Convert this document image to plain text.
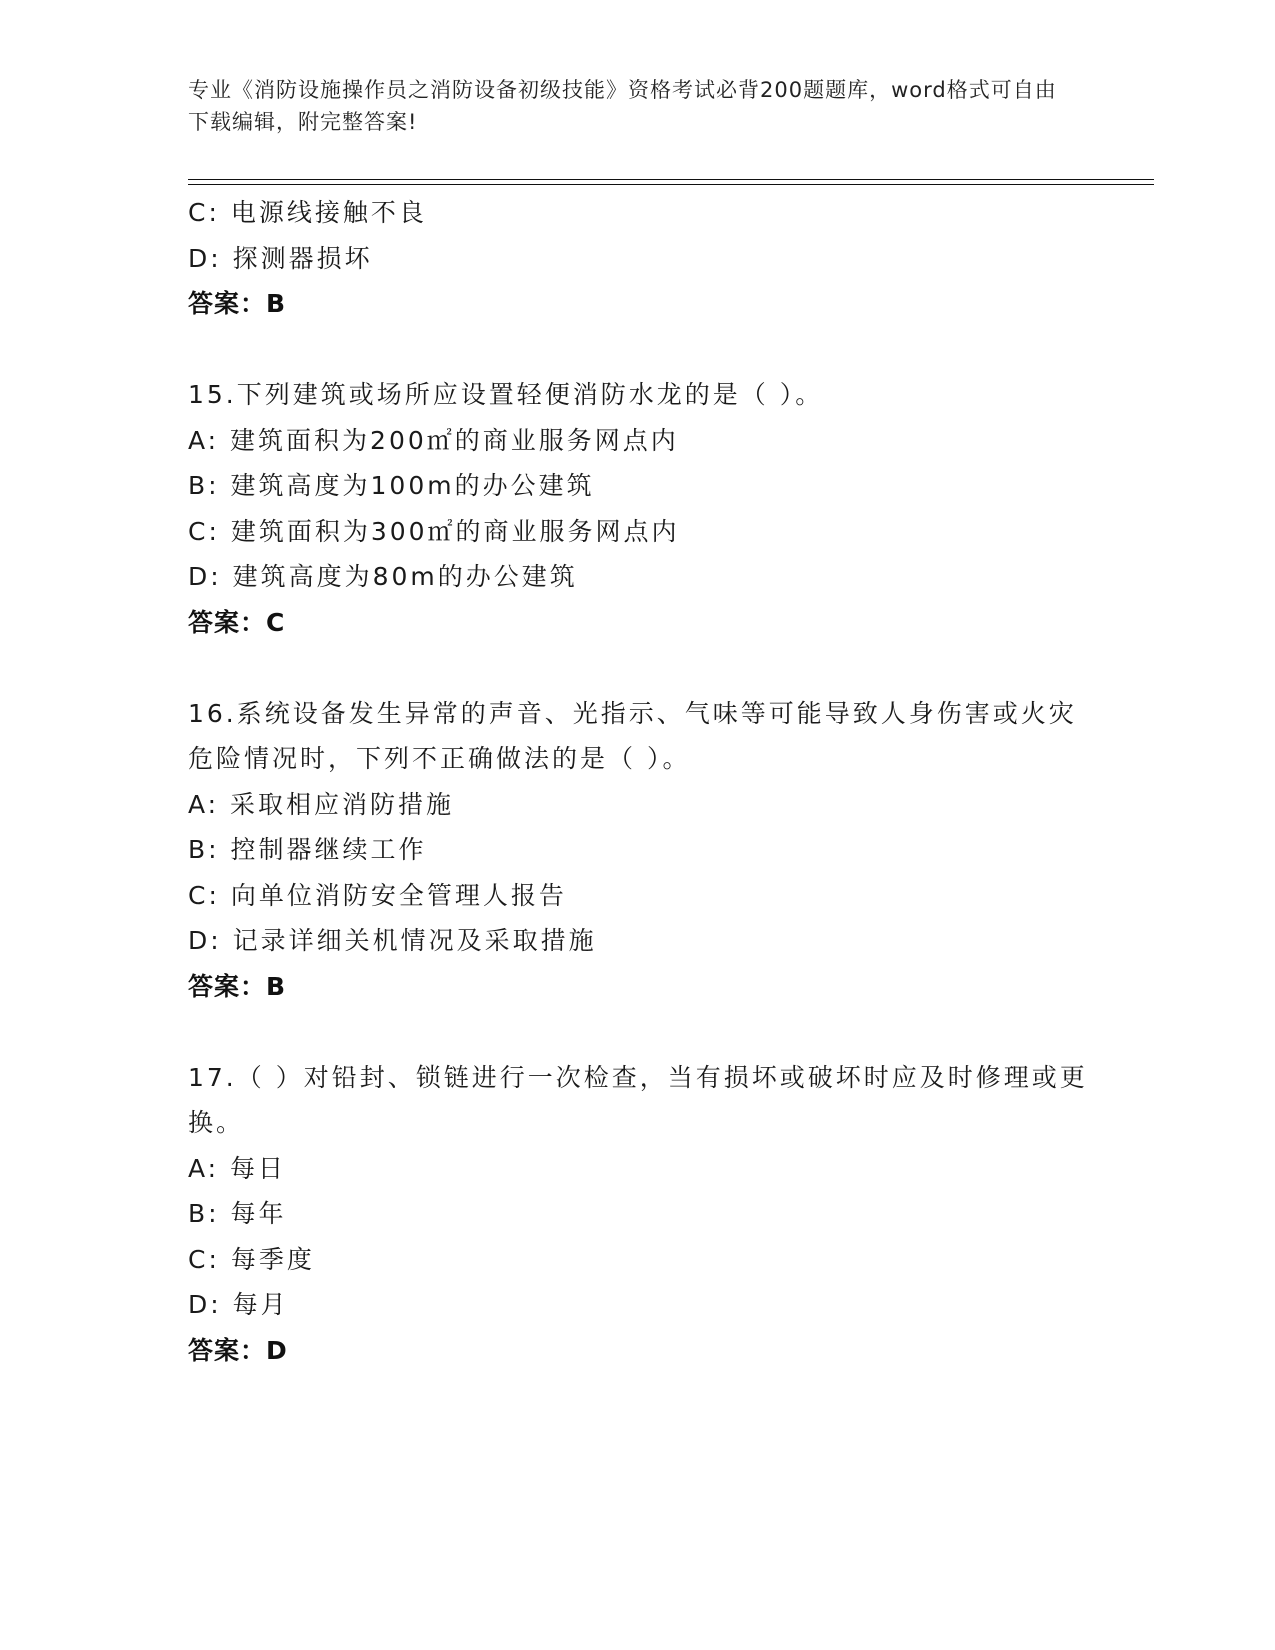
专业《消防设施操作员之消防设备初级技能》资格考试必背200题题库，word格式可自由下载编辑，附完整答案!
C: 电源线接触不良
D: 探测器损坏
答案：B
15.下列建筑或场所应设置轻便消防水龙的是（ ）。
A: 建筑面积为200㎡的商业服务网点内
B: 建筑高度为100m的办公建筑
C: 建筑面积为300㎡的商业服务网点内
D: 建筑高度为80m的办公建筑
答案：C
16.系统设备发生异常的声音、光指示、气味等可能导致人身伤害或火灾危险情况时，下列不正确做法的是（ ）。
A: 采取相应消防措施
B: 控制器继续工作
C: 向单位消防安全管理人报告
D: 记录详细关机情况及采取措施
答案：B
17.（ ）对铅封、锁链进行一次检查，当有损坏或破坏时应及时修理或更换。
A: 每日
B: 每年
C: 每季度
D: 每月
答案：D
